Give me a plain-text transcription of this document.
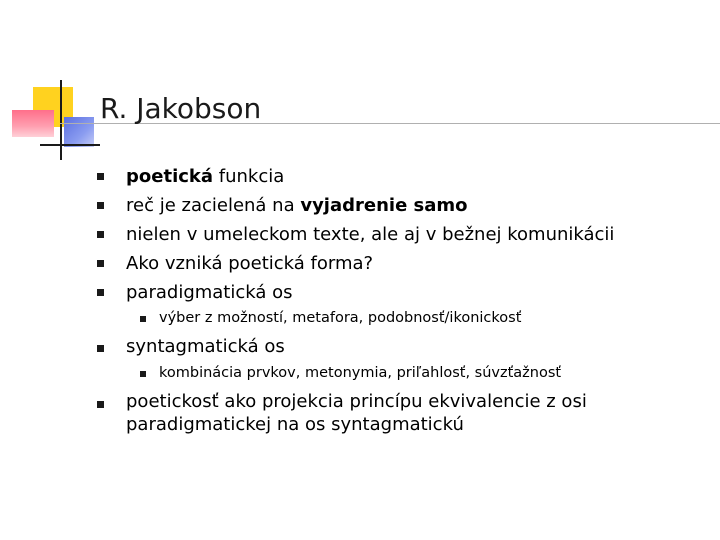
R. Jakobson
poetická funkcia
reč je zacielená na vyjadrenie samo
nielen v umeleckom texte, ale aj v bežnej komunikácii
Ako vzniká poetická forma?
paradigmatická os
výber z možností, metafora, podobnosť/ikonickosť
syntagmatická os
kombinácia prvkov, metonymia, priľahlosť, súvzťažnosť
poetickosť ako projekcia princípu ekvivalencie z osi
paradigmatickej na os syntagmatickú
